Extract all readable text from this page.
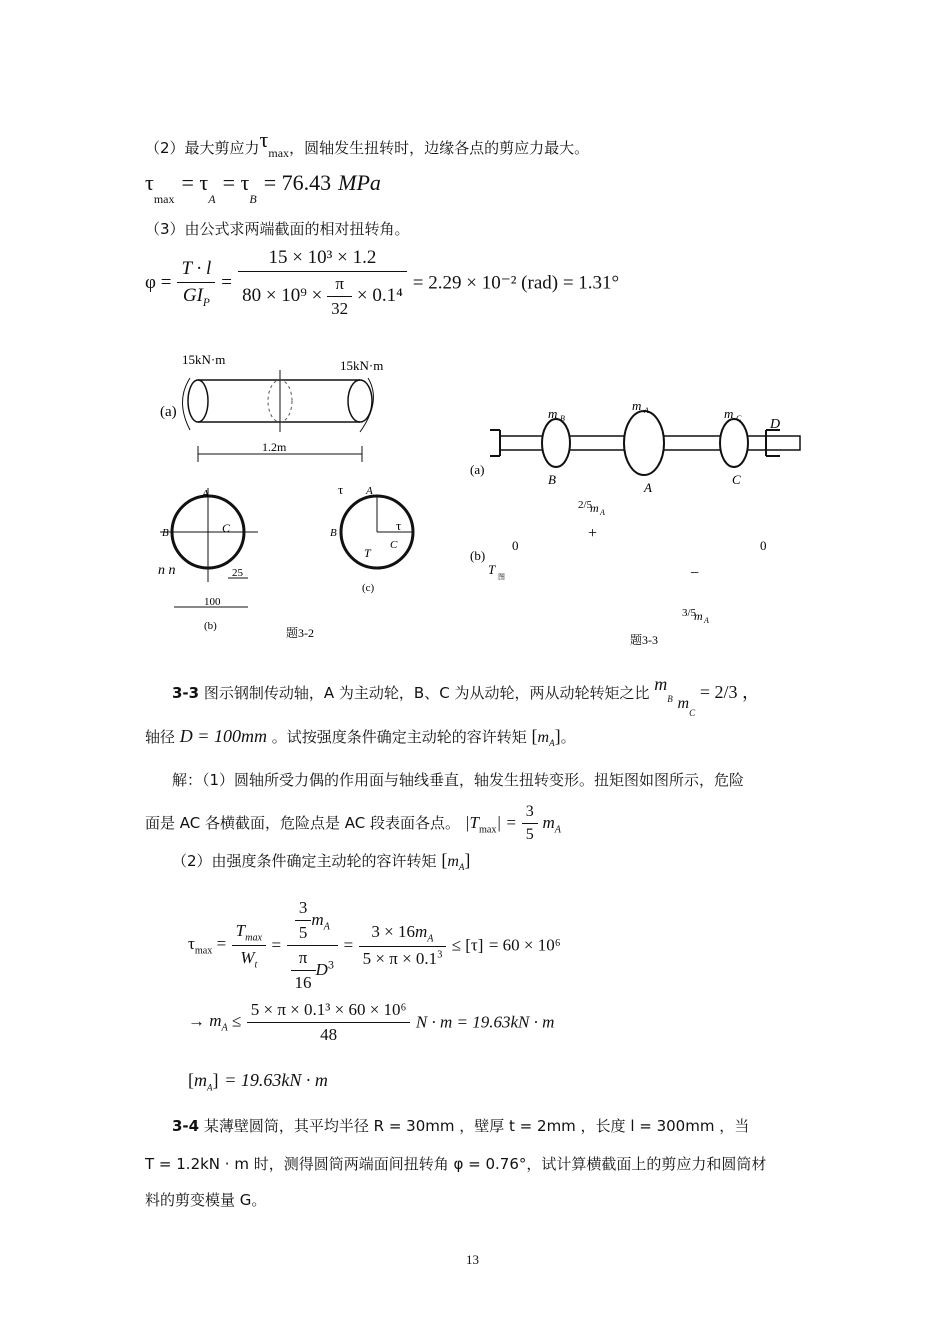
（2）最大剪应力$\tau_{max}$，圆轴发生扭转时，边缘各点的剪应力最大。
$\tau_{max} = \tau_A = \tau_B = 76.43$ MPa
（3）由公式求两端截面的相对扭转角。
$\varphi = \frac{T \cdot l}{GI_P} = \frac{\text{15 × 10³ × 1.2}}{80 \times 10^9 \times \frac{\pi}{32} \times 0.1^4} = 2.29 \times 10^{-2}$ (rad) = 1.31°
15kN·m	15kN·m
(a)
1.2m
A
B	C
n n	25
100
(b)
τ A
B	τ
C
T
(c)
题3-2
m B
m A	m C D
(a)
B
A
C
2/5
m A
+
0	0
(b)
T 图	−
3/5
m A
题3-3
3-3 图示钢制传动轴，A 为主动轮，B、C 为从动轮，两从动轮转矩之比 $m_B$ $m_C = 2/3$ ，
轴径 D = 100mm 。试按强度条件确定主动轮的容许转矩 $[m_A]$。
解：（1）圆轴所受力偶的作用面与轴线垂直，轴发生扭转变形。扭矩图如图所示，危险
面是 AC 各横截面，危险点是 AC 段表面各点。 $|T_{max}| = \frac{3}{5} m_A$
（2）由强度条件确定主动轮的容许转矩 $[m_A]$
$\tau_{max} = \frac{T_{max}}{W_t} = \frac{\frac{3}{5} m_A}{\frac{\pi}{16} D^3} = \frac{3 \times 16m_A}{5 \times \pi \times 0.1^3} \le [\tau] = 60 \times 10^6$
→ $m_A \le \frac{\text{5 × π × 0.1³ × 60 × 10⁶}}{48}$ N · m = 19.63kN · m
$[m_A] = 19.63kN \cdot m$
3-4 某薄壁圆筒，其平均半径 R = 30mm ，壁厚 t = 2mm ，长度 l = 300mm ，当
T = 1.2kN · m 时，测得圆筒两端面间扭转角 φ = 0.76°，试计算横截面上的剪应力和圆筒材
料的剪变模量 G。
13
